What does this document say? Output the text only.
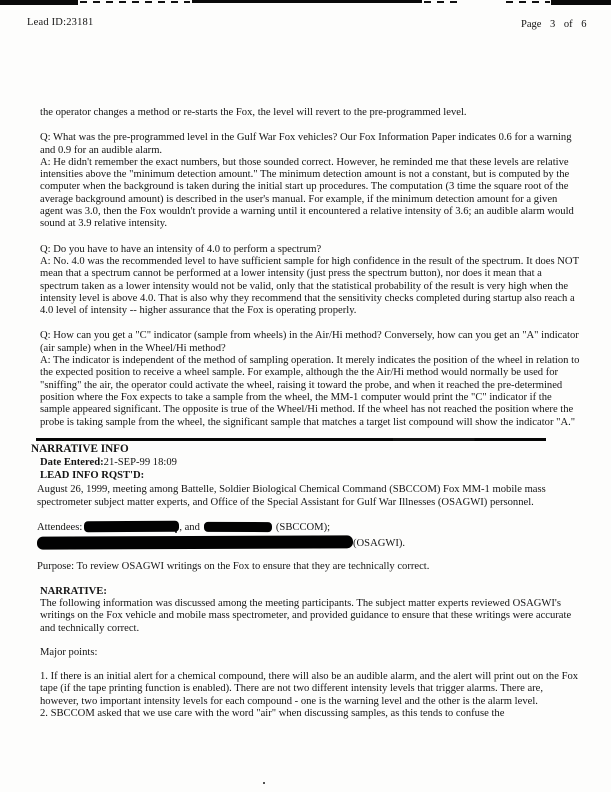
Lead ID:23181	Page 3 of 6

the operator changes a method or re-starts the Fox, the level will revert to the pre-programmed level.

Q: What was the pre-programmed level in the Gulf War Fox vehicles? Our Fox Information Paper indicates 0.6 for a warning and 0.9 for an audible alarm.

A: He didn't remember the exact numbers, but those sounded correct. However, he reminded me that these levels are relative intensities above the "minimum detection amount." The minimum detection amount is not a constant, but is computed by the computer when the background is taken during the initial start up procedures. The computation (3 time the square root of the average background amount) is described in the user's manual. For example, if the minimum detection amount for a given agent was 3.0, then the Fox wouldn't provide a warning until it encountered a relative intensity of 3.6; an audible alarm would sound at 3.9 relative intensity.

Q: Do you have to have an intensity of 4.0 to perform a spectrum?

A: No. 4.0 was the recommended level to have sufficient sample for high confidence in the result of the spectrum. It does NOT mean that a spectrum cannot be performed at a lower intensity (just press the spectrum button), nor does it mean that a spectrum taken as a lower intensity would not be valid, only that the statistical probability of the result is very high when the intensity level is above 4.0. That is also why they recommend that the sensitivity checks completed during startup also reach a 4.0 level of intensity -- higher assurance that the Fox is operating properly.

Q: How can you get a "C" indicator (sample from wheels) in the Air/Hi method? Conversely, how can you get an "A" indicator (air sample) when in the Wheel/Hi method?

A: The indicator is independent of the method of sampling operation. It merely indicates the position of the wheel in relation to the expected position to receive a wheel sample. For example, although the the Air/Hi method would normally be used for "sniffing" the air, the operator could activate the wheel, raising it toward the probe, and when it reached the pre-determined position where the Fox expects to take a sample from the wheel, the MM-1 computer would print the "C" indicator if the sample appeared significant. The opposite is true of the Wheel/Hi method. If the wheel has not reached the position where the probe is taking sample from the wheel, the significant sample that matches a target list compound will show the indicator "A."

NARRATIVE INFO

Date Entered:21-SEP-99 18:09

LEAD INFO RQST'D:

August 26, 1999, meeting among Battelle, Soldier Biological Chemical Command (SBCCOM) Fox MM-1 mobile mass spectrometer subject matter experts, and Office of the Special Assistant for Gulf War Illnesses (OSAGWI) personnel.

Attendees:	, and	(SBCCOM);

(OSAGWI).

Purpose: To review OSAGWI writings on the Fox to ensure that they are technically correct.

NARRATIVE:

The following information was discussed among the meeting participants. The subject matter experts reviewed OSAGWI's writings on the Fox vehicle and mobile mass spectrometer, and provided guidance to ensure that these writings were accurate and technically correct.

Major points:

1. If there is an initial alert for a chemical compound, there will also be an audible alarm, and the alert will print out on the Fox tape (if the tape printing function is enabled). There are not two different intensity levels that trigger alarms. There are, however, two important intensity levels for each compound - one is the warning level and the other is the alarm level.

2. SBCCOM asked that we use care with the word "air" when discussing samples, as this tends to confuse the
